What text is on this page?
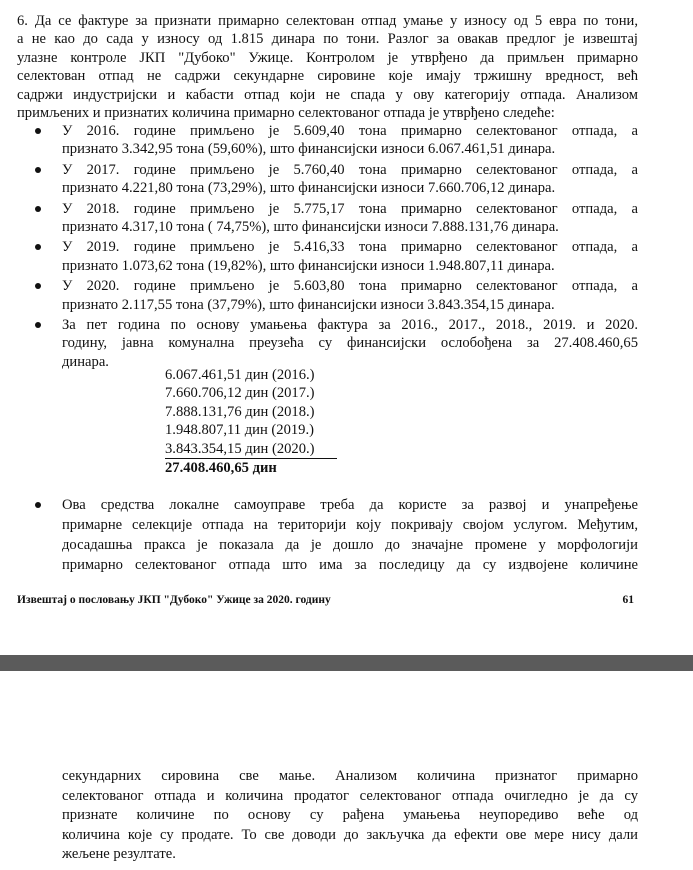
6. Да се фактуре за признати примарно селектован отпад умање у износу од 5 евра по тони,
а не као до сада у износу од 1.815 динара по тони. Разлог за овакав предлог је извештај
улазне контроле ЈКП "Дубоко" Ужице. Контролом је утврђено да примљен примарно
селектован отпад не садржи секундарне сировине које имају тржишну вредност, већ
садржи индустријски и кабасти отпад који не спада у ову категорију отпада. Анализом
примљених и признатих количина примарно селектованог отпада је утврђено следеће:
У 2016. године примљено је 5.609,40 тона примарно селектованог отпада, а
признато 3.342,95 тона (59,60%), што финансијски износи 6.067.461,51 динара.
У 2017. године примљено је 5.760,40 тона примарно селектованог отпада, а
признато 4.221,80 тона (73,29%), што финансијски износи 7.660.706,12 динара.
У 2018. године примљено је 5.775,17 тона примарно селектованог отпада, а
признато 4.317,10 тона ( 74,75%), што финансијски износи 7.888.131,76 динара.
У 2019. године примљено је 5.416,33 тона примарно селектованог отпада, а
признато 1.073,62 тона (19,82%), што финансијски износи 1.948.807,11 динара.
У 2020. године примљено је 5.603,80 тона примарно селектованог отпада, а
признато 2.117,55 тона (37,79%), што финансијски износи 3.843.354,15 динара.
За пет година по основу умањења фактура за 2016., 2017., 2018., 2019. и 2020.
годину, јавна комунална преузећа су финансијски ослобођена за 27.408.460,65
динара.
6.067.461,51 дин (2016.)
7.660.706,12 дин (2017.)
7.888.131,76 дин (2018.)
1.948.807,11 дин (2019.)
3.843.354,15 дин (2020.)
27.408.460,65 дин
Ова средства локалне самоуправе треба да користе за развој и унапређење
примарне селекције отпада на територији коју покривају својом услугом. Међутим,
досадашња пракса је показала да је дошло до значајне промене у морфологији
примарно селектованог отпада што има за последицу да су издвојене количине
Извештај о пословању ЈКП "Дубоко" Ужице за 2020. годину	61
секундарних сировина све мање. Анализом количина признатог примарно
селектованог отпада и количина продатог селектованог отпада очигледно је да су
признате количине по основу су рађена умањења неупоредиво веће од
количина које су продате. То све доводи до закључка да ефекти ове мере нису дали
жељене резултате.
